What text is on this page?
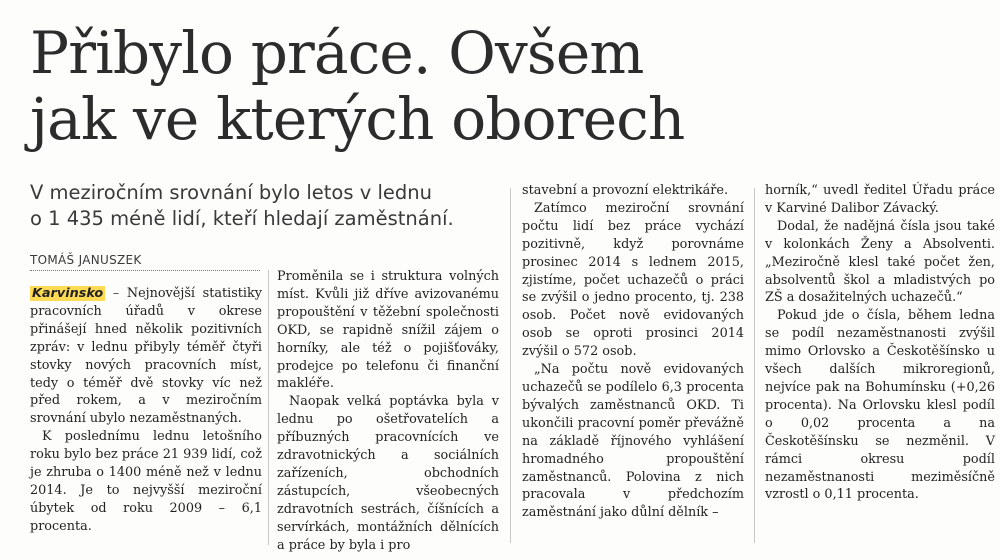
Přibylo práce. Ovšem
jak ve kterých oborech
V meziročním srovnání bylo letos v lednu
o 1 435 méně lidí, kteří hledají zaměstnání.
TOMÁŠ JANUSZEK

Karvinsko – Nejnovější statistiky pracovních úřadů v okrese přinášejí hned několik pozitivních zpráv: v lednu přibyly téměř čtyři stovky nových pracovních míst, tedy o téměř dvě stovky víc než před rokem, a v meziročním srovnání ubylo nezaměstnaných.

K poslednímu lednu letošního roku bylo bez práce 21 939 lidí, což je zhruba o 1400 méně než v lednu 2014. Je to nejvyšší meziroční úbytek od roku 2009 – 6,1 procenta.

Proměnila se i struktura volných míst. Kvůli již dříve avizovanému propouštění v těžební společnosti OKD, se rapidně snížil zájem o horníky, ale též o pojišťováky, prodejce po telefonu či finanční makléře.

Naopak velká poptávka byla v lednu po ošetřovatelích a příbuzných pracovnících ve zdravotnických a sociálních zařízeních, obchodních zástupcích, všeobecných zdravotních sestrách, číšnících a servírkách, montážních dělnících a práce by byla i pro

stavební a provozní elektrikáře.

Zatímco meziroční srovnání počtu lidí bez práce vychází pozitivně, když porovnáme prosinec 2014 s lednem 2015, zjistíme, počet uchazečů o práci se zvýšil o jedno procento, tj. 238 osob. Počet nově evidovaných osob se oproti prosinci 2014 zvýšil o 572 osob.

„Na počtu nově evidovaných uchazečů se podílelo 6,3 procenta bývalých zaměstnanců OKD. Ti ukončili pracovní poměr převážně na základě říjnového vyhlášení hromadného propouštění zaměstnanců. Polovina z nich pracovala v předchozím zaměstnání jako důlní dělník –

horník,“ uvedl ředitel Úřadu práce v Karviné Dalibor Závacký.

Dodal, že nadějná čísla jsou také v kolonkách Ženy a Absolventi. „Meziročně klesl také počet žen, absolventů škol a mladistvých po ZŠ a dosažitelných uchazečů.“

Pokud jde o čísla, během ledna se podíl nezaměstnanosti zvýšil mimo Orlovsko a Českotěšínsko u všech dalších mikroregionů, nejvíce pak na Bohumínsku (+0,26 procenta). Na Orlovsku klesl podíl o 0,02 procenta a na Českotěšínsku se nezměnil. V rámci okresu podíl nezaměstnanosti meziměsíčně vzrostl o 0,11 procenta.
